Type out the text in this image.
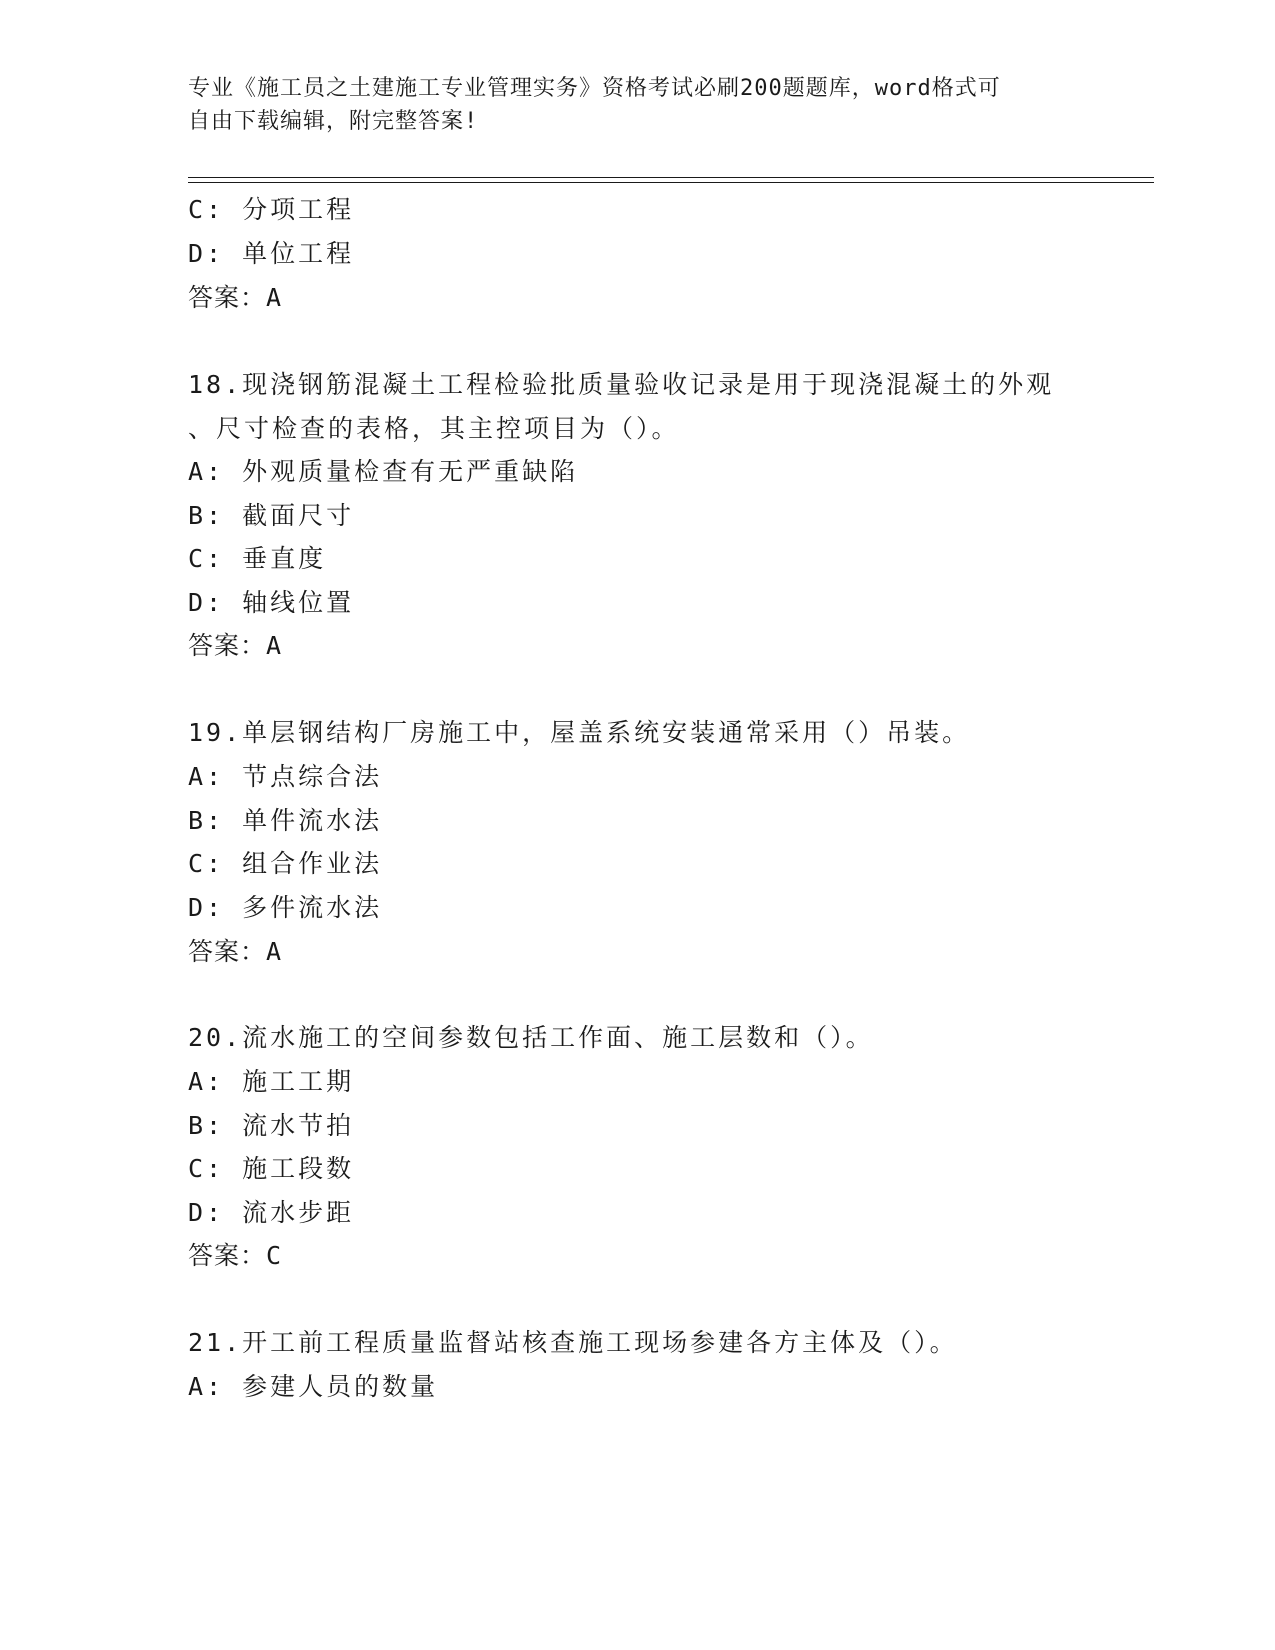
专业《施工员之土建施工专业管理实务》资格考试必刷200题题库，word格式可
自由下载编辑，附完整答案!
C: 分项工程
D: 单位工程
答案：A
18.现浇钢筋混凝土工程检验批质量验收记录是用于现浇混凝土的外观
、尺寸检查的表格，其主控项目为（）。
A: 外观质量检查有无严重缺陷
B: 截面尺寸
C: 垂直度
D: 轴线位置
答案：A
19.单层钢结构厂房施工中，屋盖系统安装通常采用（）吊装。
A: 节点综合法
B: 单件流水法
C: 组合作业法
D: 多件流水法
答案：A
20.流水施工的空间参数包括工作面、施工层数和（）。
A: 施工工期
B: 流水节拍
C: 施工段数
D: 流水步距
答案：C
21.开工前工程质量监督站核查施工现场参建各方主体及（）。
A: 参建人员的数量
